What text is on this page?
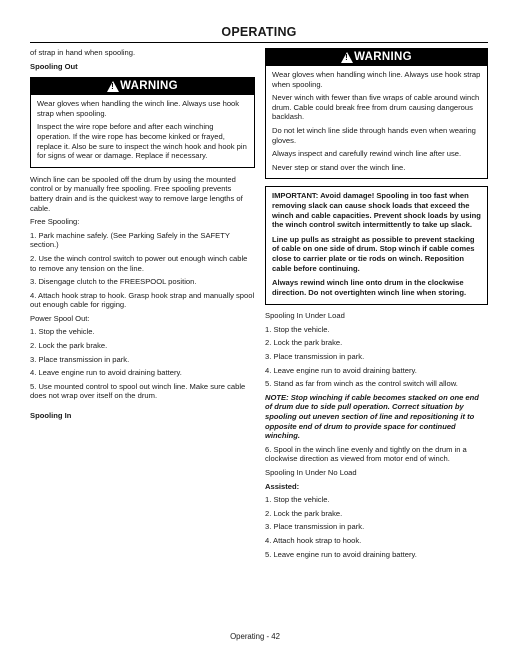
OPERATING

of strap in hand when spooling.

Spooling Out

!
WARNING

Wear gloves when handling the winch line. Always use hook strap when spooling.

Inspect the wire rope before and after each winching operation. If the wire rope has become kinked or frayed, replace it. Also be sure to inspect the winch hook and hook pin for signs of wear or damage. Replace if necessary.

Winch line can be spooled off the drum by using the mounted control or by manually free spooling. Free spooling prevents battery drain and is the quickest way to remove large lengths of cable.

Free Spooling:

1. Park machine safely. (See Parking Safely in the SAFETY section.)

2. Use the winch control switch to power out enough winch cable to remove any tension on the line.

3. Disengage clutch to the FREESPOOL position.

4. Attach hook strap to hook. Grasp hook strap and manually spool out enough cable for rigging.

Power Spool Out:

1. Stop the vehicle.

2. Lock the park brake.

3. Place transmission in park.

4. Leave engine run to avoid draining battery.

5. Use mounted control to spool out winch line. Make sure cable does not wrap over itself on the drum.

Spooling In

!
WARNING

Wear gloves when handling winch line. Always use hook strap when spooling.

Never winch with fewer than five wraps of cable around winch drum. Cable could break free from drum causing dangerous backlash.

Do not let winch line slide through hands even when wearing gloves.

Always inspect and carefully rewind winch line after use.

Never step or stand over the winch line.

IMPORTANT: Avoid damage! Spooling in too fast when removing slack can cause shock loads that exceed the winch and cable capacities. Prevent shock loads by using the winch control switch intermittently to take up slack.

Line up pulls as straight as possible to prevent stacking of cable on one side of drum. Stop winch if cable comes close to carrier plate or tie rods on winch. Reposition cable before continuing.

Always rewind winch line onto drum in the clockwise direction. Do not overtighten winch line when storing.

Spooling In Under Load

1. Stop the vehicle.

2. Lock the park brake.

3. Place transmission in park.

4. Leave engine run to avoid draining battery.

5. Stand as far from winch as the control switch will allow.

NOTE: Stop winching if cable becomes stacked on one end of drum due to side pull operation. Correct situation by spooling out uneven section of line and repositioning it to opposite end of drum to provide space for continued winching.

6. Spool in the winch line evenly and tightly on the drum in a clockwise direction as viewed from motor end of winch.

Spooling In Under No Load

Assisted:

1. Stop the vehicle.

2. Lock the park brake.

3. Place transmission in park.

4. Attach hook strap to hook.

5. Leave engine run to avoid draining battery.

Operating - 42
